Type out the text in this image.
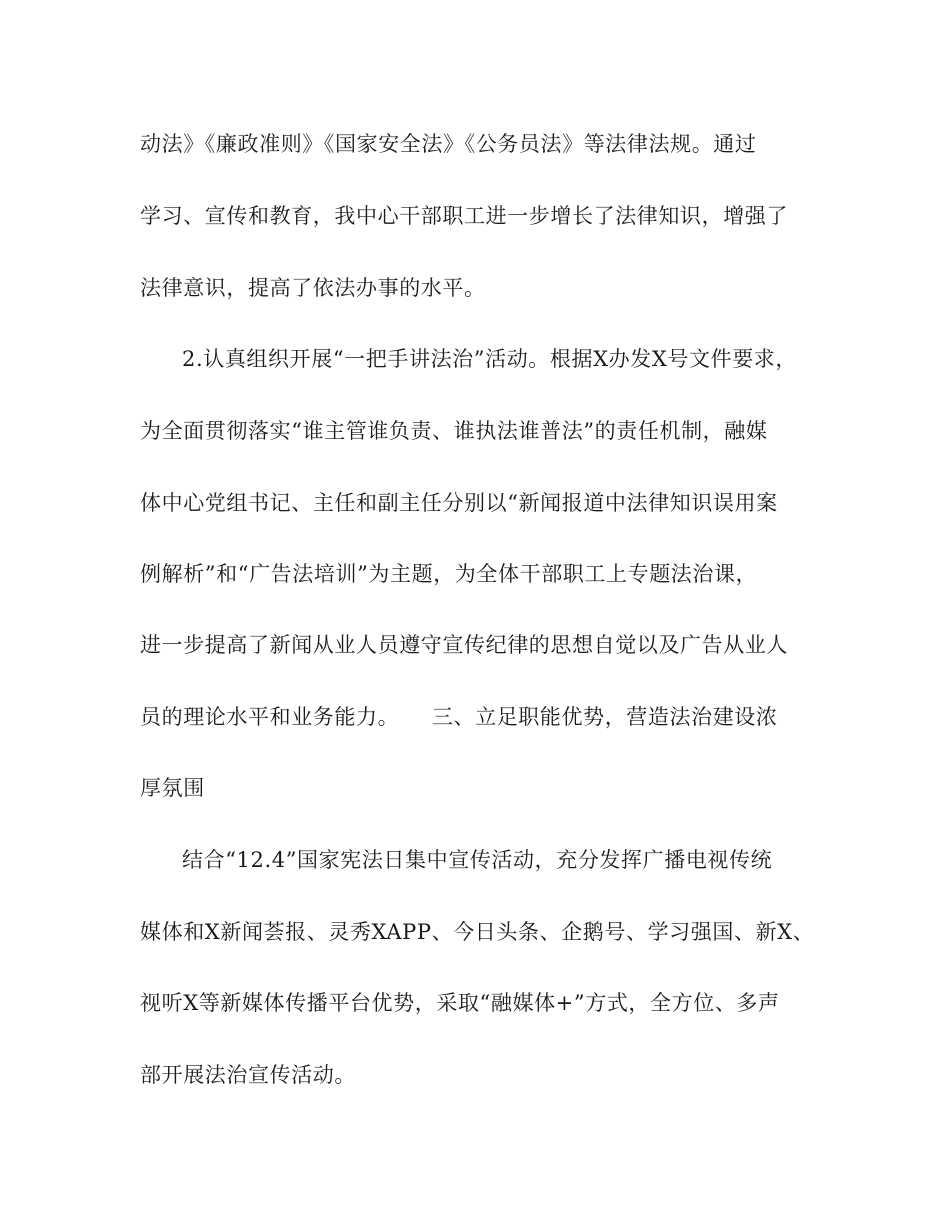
动法》《廉政准则》《国家安全法》《公务员法》等法律法规。通过
学习、宣传和教育，我中心干部职工进一步增长了法律知识，增强了
法律意识，提高了依法办事的水平。
2.认真组织开展“一把手讲法治”活动。根据X办发X号文件要求，
为全面贯彻落实“谁主管谁负责、谁执法谁普法”的责任机制，融媒
体中心党组书记、主任和副主任分别以“新闻报道中法律知识误用案
例解析”和“广告法培训”为主题，为全体干部职工上专题法治课，
进一步提高了新闻从业人员遵守宣传纪律的思想自觉以及广告从业人
员的理论水平和业务能力。　　三、立足职能优势，营造法治建设浓
厚氛围
结合“12.4”国家宪法日集中宣传活动，充分发挥广播电视传统
媒体和X新闻荟报、灵秀XAPP、今日头条、企鹅号、学习强国、新X、
视听X等新媒体传播平台优势，采取“融媒体+”方式，全方位、多声
部开展法治宣传活动。
